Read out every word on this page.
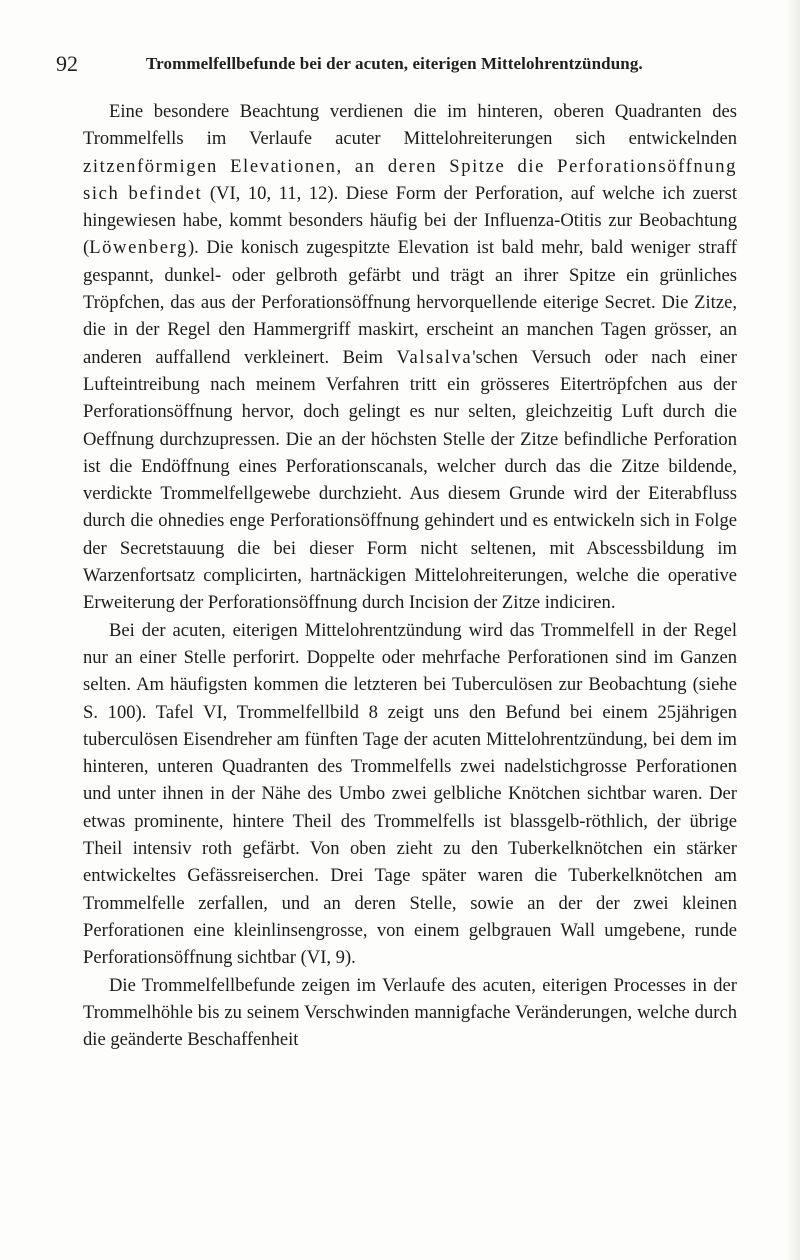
92	Trommelfellbefunde bei der acuten, eiterigen Mittelohrentzündung.

Eine besondere Beachtung verdienen die im hinteren, oberen Quadranten des Trommelfells im Verlaufe acuter Mittelohreiterungen sich entwickelnden zitzenförmigen Elevationen, an deren Spitze die Perforationsöffnung sich befindet (VI, 10, 11, 12). Diese Form der Perforation, auf welche ich zuerst hingewiesen habe, kommt besonders häufig bei der Influenza-Otitis zur Beobachtung (Löwenberg). Die konisch zugespitzte Elevation ist bald mehr, bald weniger straff gespannt, dunkel- oder gelbroth gefärbt und trägt an ihrer Spitze ein grünliches Tröpfchen, das aus der Perforationsöffnung hervorquellende eiterige Secret. Die Zitze, die in der Regel den Hammergriff maskirt, erscheint an manchen Tagen grösser, an anderen auffallend verkleinert. Beim Valsalva'schen Versuch oder nach einer Lufteintreibung nach meinem Verfahren tritt ein grösseres Eitertröpfchen aus der Perforationsöffnung hervor, doch gelingt es nur selten, gleichzeitig Luft durch die Oeffnung durchzupressen. Die an der höchsten Stelle der Zitze befindliche Perforation ist die Endöffnung eines Perforationscanals, welcher durch das die Zitze bildende, verdickte Trommelfellgewebe durchzieht. Aus diesem Grunde wird der Eiterabfluss durch die ohnedies enge Perforationsöffnung gehindert und es entwickeln sich in Folge der Secretstauung die bei dieser Form nicht seltenen, mit Abscessbildung im Warzenfortsatz complicirten, hartnäckigen Mittelohreiterungen, welche die operative Erweiterung der Perforationsöffnung durch Incision der Zitze indiciren.

Bei der acuten, eiterigen Mittelohrentzündung wird das Trommelfell in der Regel nur an einer Stelle perforirt. Doppelte oder mehrfache Perforationen sind im Ganzen selten. Am häufigsten kommen die letzteren bei Tuberculösen zur Beobachtung (siehe S. 100). Tafel VI, Trommelfellbild 8 zeigt uns den Befund bei einem 25jährigen tuberculösen Eisendreher am fünften Tage der acuten Mittelohrentzündung, bei dem im hinteren, unteren Quadranten des Trommelfells zwei nadelstichgrosse Perforationen und unter ihnen in der Nähe des Umbo zwei gelbliche Knötchen sichtbar waren. Der etwas prominente, hintere Theil des Trommelfells ist blassgelb-röthlich, der übrige Theil intensiv roth gefärbt. Von oben zieht zu den Tuberkelknötchen ein stärker entwickeltes Gefässreiserchen. Drei Tage später waren die Tuberkelknötchen am Trommelfelle zerfallen, und an deren Stelle, sowie an der der zwei kleinen Perforationen eine kleinlinsengrosse, von einem gelbgrauen Wall umgebene, runde Perforationsöffnung sichtbar (VI, 9).

Die Trommelfellbefunde zeigen im Verlaufe des acuten, eiterigen Processes in der Trommelhöhle bis zu seinem Verschwinden mannigfache Veränderungen, welche durch die geänderte Beschaffenheit
